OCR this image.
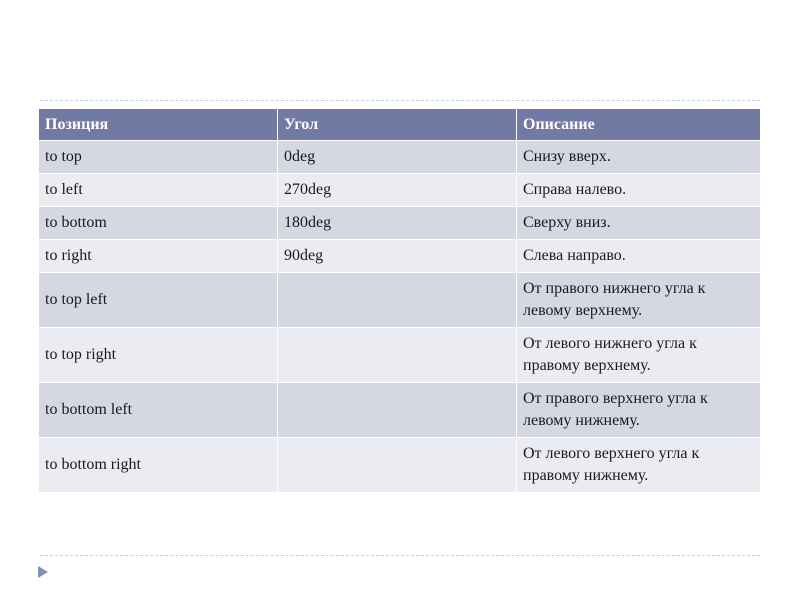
Позиция	Угол	Описание
to top	0deg	Снизу вверх.
to left	270deg	Справа налево.
to bottom	180deg	Сверху вниз.
to right	90deg	Слева направо.
to top left		От правого нижнего угла к левому верхнему.
to top right		От левого нижнего угла к правому верхнему.
to bottom left		От правого верхнего угла к левому нижнему.
to bottom right		От левого верхнего угла к правому нижнему.
